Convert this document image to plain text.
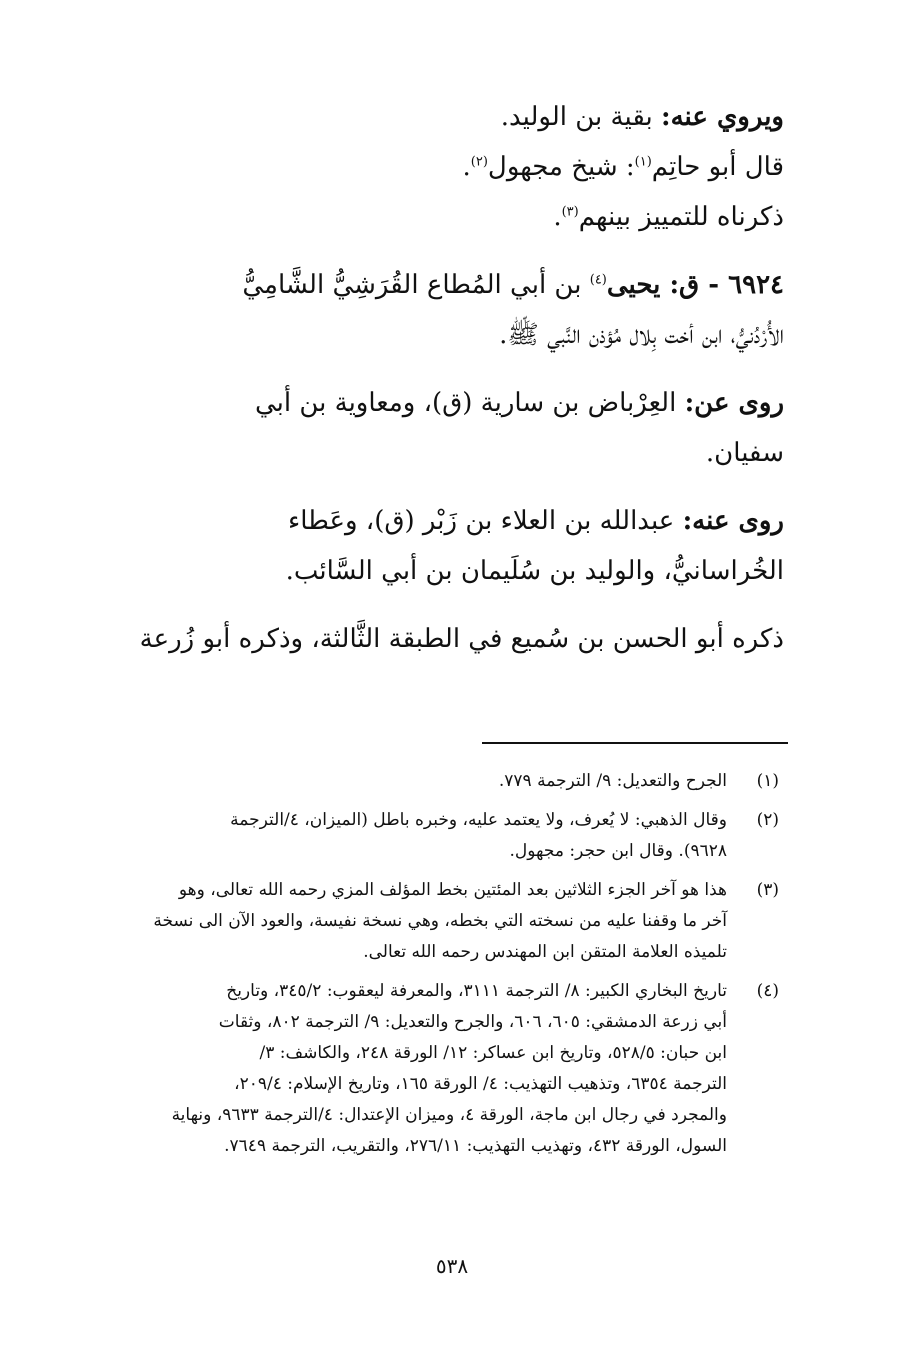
ويروي عنه: بقية بن الوليد.

قال أبو حاتِم$^{(١)}$: شيخ مجهول$^{(٢)}$.

ذكرناه للتمييز بينهم$^{(٣)}$.

٦٩٢٤ - ق: يحيى$^{(٤)}$ بن أبي المُطاع القُرَشِيُّ الشَّامِيُّ

الأُرْدُنيُّ، ابن أخت بِلال مُؤذن النَّبي ﷺ.

روى عن: العِرْباض بن سارية (ق)، ومعاوية بن أبي

سفيان.

روى عنه: عبدالله بن العلاء بن زَبْر (ق)، وعَطاء

الخُراسانيُّ، والوليد بن سُلَيمان بن أبي السَّائب.

ذكره أبو الحسن بن سُميع في الطبقة الثَّالثة، وذكره أبو زُرعة

(١)
الجرح والتعديل: ٩/ الترجمة ٧٧٩.
(٢)
وقال الذهبي: لا يُعرف، ولا يعتمد عليه، وخبره باطل (الميزان، ٤/الترجمة
٩٦٢٨). وقال ابن حجر: مجهول.
(٣)
هذا هو آخر الجزء الثلاثين بعد المئتين بخط المؤلف المزي رحمه الله تعالى، وهو
آخر ما وقفنا عليه من نسخته التي بخطه، وهي نسخة نفيسة، والعود الآن الى نسخة
تلميذه العلامة المتقن ابن المهندس رحمه الله تعالى.
(٤)
تاريخ البخاري الكبير: ٨/ الترجمة ٣١١١، والمعرفة ليعقوب: ٣٤٥/٢، وتاريخ
أبي زرعة الدمشقي: ٦٠٥، ٦٠٦، والجرح والتعديل: ٩/ الترجمة ٨٠٢، وثقات
ابن حبان: ٥٢٨/٥، وتاريخ ابن عساكر: ١٢/ الورقة ٢٤٨، والكاشف: ٣/
الترجمة ٦٣٥٤، وتذهيب التهذيب: ٤/ الورقة ١٦٥، وتاريخ الإسلام: ٢٠٩/٤،
والمجرد في رجال ابن ماجة، الورقة ٤، وميزان الإعتدال: ٤/الترجمة ٩٦٣٣، ونهاية
السول، الورقة ٤٣٢، وتهذيب التهذيب: ٢٧٦/١١، والتقريب، الترجمة ٧٦٤٩.
٥٣٨
